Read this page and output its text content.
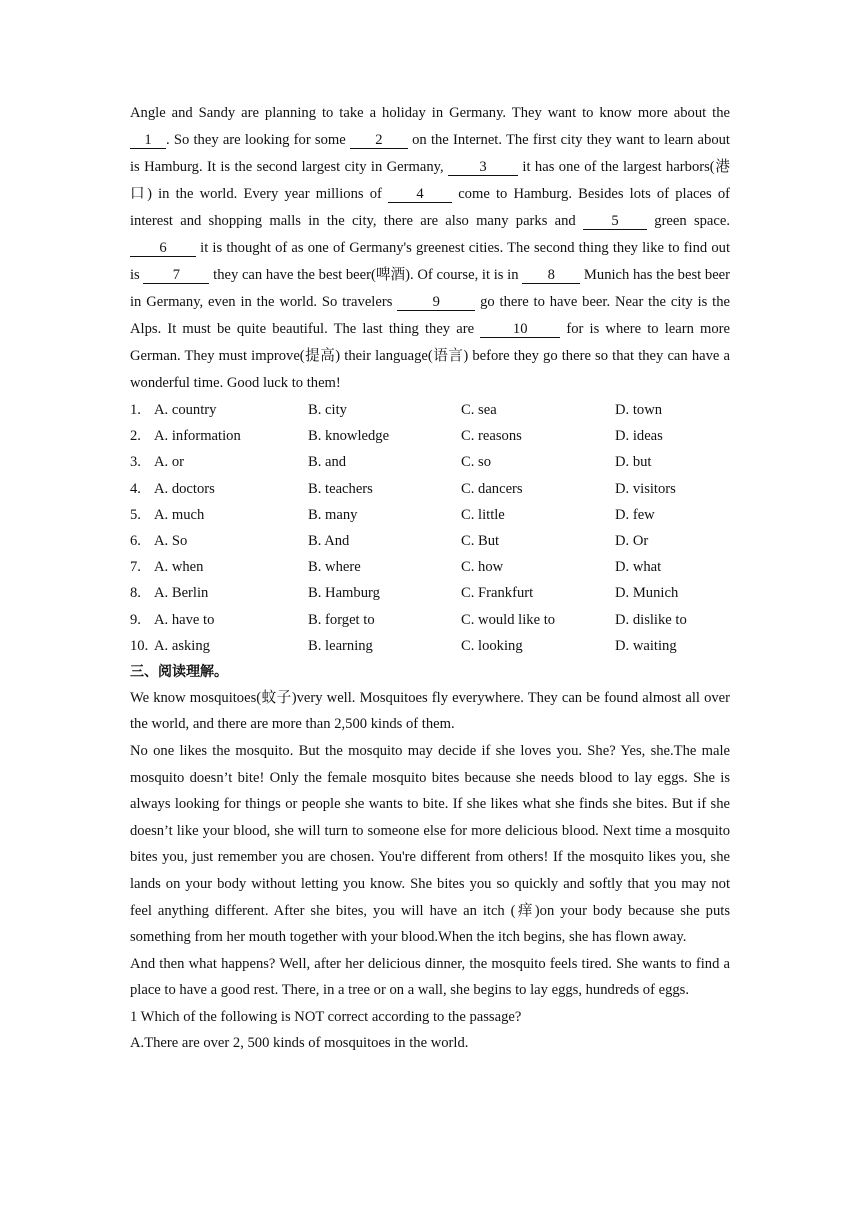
Angle and Sandy are planning to take a holiday in Germany. They want to know more about the 1 . So they are looking for some 2 on the Internet. The first city they want to learn about is Hamburg. It is the second largest city in Germany, 3 it has one of the largest harbors(港口) in the world. Every year millions of 4 come to Hamburg. Besides lots of places of interest and shopping malls in the city, there are also many parks and 5 green space. 6 it is thought of as one of Germany's greenest cities. The second thing they like to find out is 7 they can have the best beer(啤酒). Of course, it is in 8 Munich has the best beer in Germany, even in the world. So travelers 9 go there to have beer. Near the city is the Alps. It must be quite beautiful. The last thing they are 10 for is where to learn more German. They must improve(提高) their language(语言) before they go there so that they can have a wonderful time. Good luck to them!
1. A. country	B. city	C. sea	D. town
2. A. information	B. knowledge	C. reasons	D. ideas
3. A. or	B. and	C. so	D. but
4. A. doctors	B. teachers	C. dancers	D. visitors
5. A. much	B. many	C. little	D. few
6. A. So	B. And	C. But	D. Or
7. A. when	B. where	C. how	D. what
8. A. Berlin	B. Hamburg	C. Frankfurt	D. Munich
9. A. have to	B. forget to	C. would like to	D. dislike to
10. A. asking	B. learning	C. looking	D. waiting
三、阅读理解。

We know mosquitoes(蚊子)very well. Mosquitoes fly everywhere. They can be found almost all over the world, and there are more than 2,500 kinds of them.

No one likes the mosquito. But the mosquito may decide if she loves you. She? Yes, she.The male mosquito doesn’t bite! Only the female mosquito bites because she needs blood to lay eggs. She is always looking for things or people she wants to bite. If she likes what she finds she bites. But if she doesn’t like your blood, she will turn to someone else for more delicious blood. Next time a mosquito bites you, just remember you are chosen. You're different from others! If the mosquito likes you, she lands on your body without letting you know. She bites you so quickly and softly that you may not feel anything different. After she bites, you will have an itch (痒)on your body because she puts something from her mouth together with your blood.When the itch begins, she has flown away.

And then what happens? Well, after her delicious dinner, the mosquito feels tired. She wants to find a place to have a good rest. There, in a tree or on a wall, she begins to lay eggs, hundreds of eggs.

1 Which of the following is NOT correct according to the passage?
A.There are over 2, 500 kinds of mosquitoes in the world.
